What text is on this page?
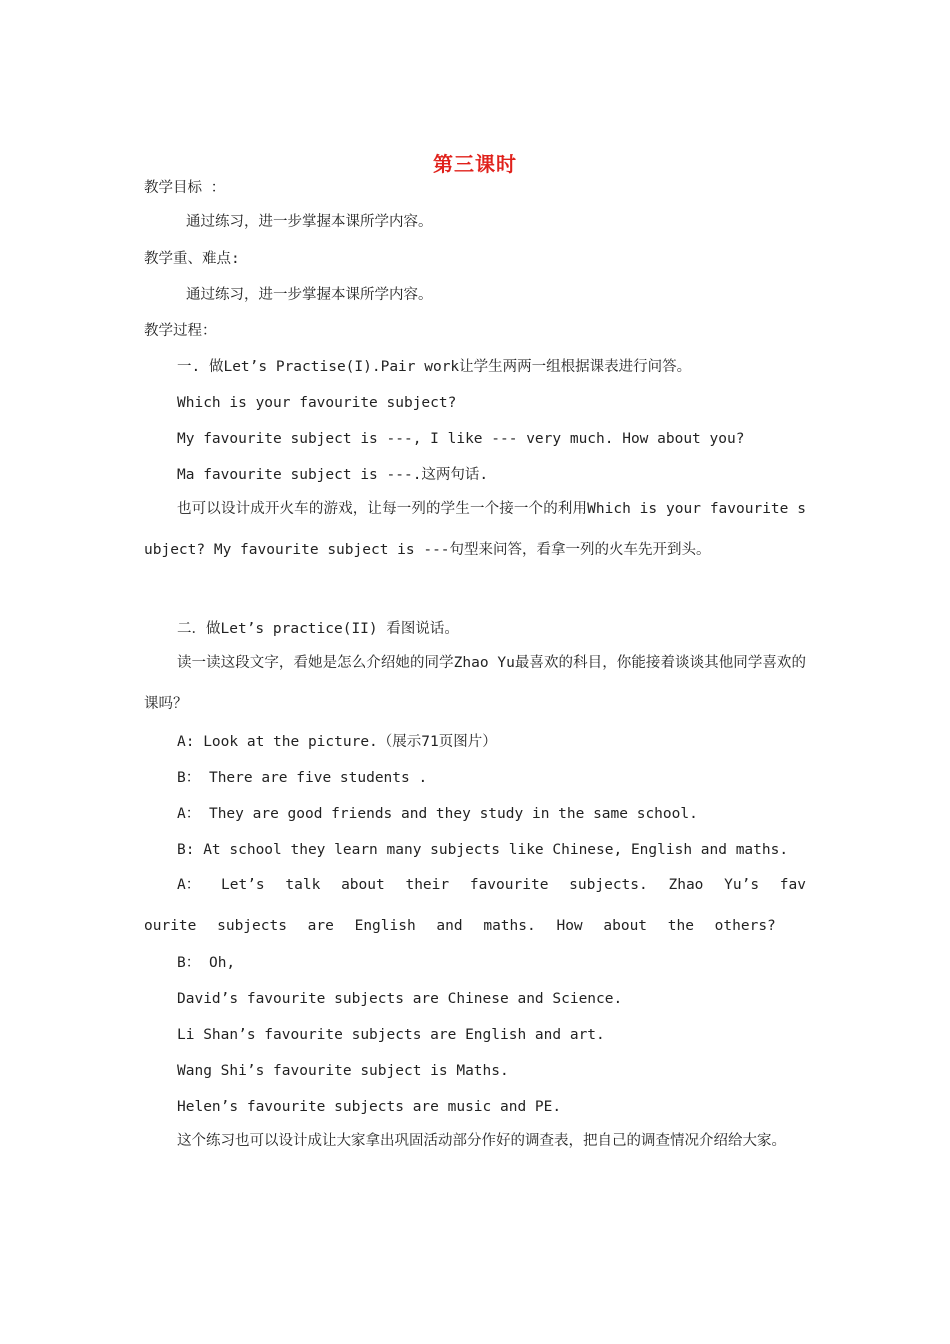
第三课时
教学目标 ：
通过练习，进一步掌握本课所学内容。
教学重、难点:
通过练习，进一步掌握本课所学内容。
教学过程：
一. 做Let’s Practise(I).Pair work让学生两两一组根据课表进行问答。
Which is your favourite subject?
My favourite subject is ---, I like --- very much. How about you?
Ma favourite subject is ---.这两句话.
也可以设计成开火车的游戏，让每一列的学生一个接一个的利用Which is your favourite subject? My favourite subject is ---句型来问答，看拿一列的火车先开到头。
二．做Let’s practice(II) 看图说话。
读一读这段文字，看她是怎么介绍她的同学Zhao Yu最喜欢的科目，你能接着谈谈其他同学喜欢的课吗？
A: Look at the picture.（展示71页图片）
B： There are five students .
A： They are good friends and they study in the same school.
B: At school they learn many subjects like Chinese, English and maths.
A： Let’s talk about their favourite subjects. Zhao Yu’s favourite subjects are English and maths. How about the others?
B： Oh,
David’s favourite subjects are Chinese and Science.
Li Shan’s favourite subjects are English and art.
Wang Shi’s favourite subject is Maths.
Helen’s favourite subjects are music and PE.
这个练习也可以设计成让大家拿出巩固活动部分作好的调查表，把自己的调查情况介绍给大家。
